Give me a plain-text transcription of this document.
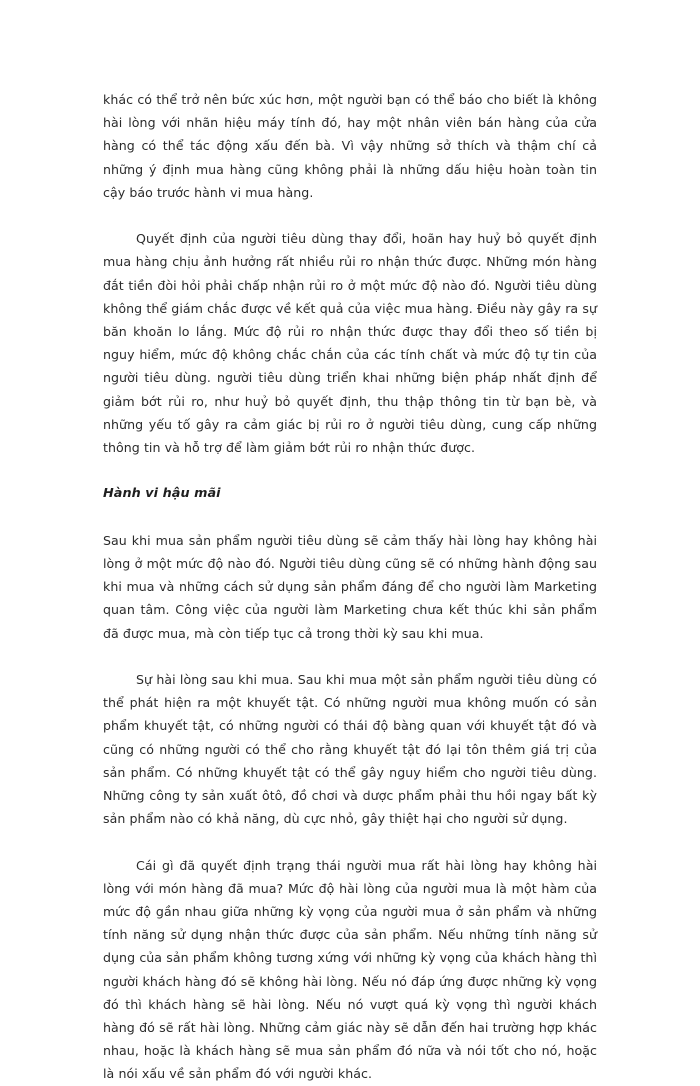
khác có thể trở nên bức xúc hơn, một người bạn có thể báo cho biết là không hài lòng với nhãn hiệu máy tính đó, hay một nhân viên bán hàng của cửa hàng có thể tác động xấu đến bà. Vì vậy những sở thích và thậm chí cả những ý định mua hàng cũng không phải là những dấu hiệu hoàn toàn tin cậy báo trước hành vi mua hàng.

Quyết định của người tiêu dùng thay đổi, hoãn hay huỷ bỏ quyết định mua hàng chịu ảnh hưởng rất nhiều rủi ro nhận thức được. Những món hàng đắt tiền đòi hỏi phải chấp nhận rủi ro ở một mức độ nào đó. Người tiêu dùng không thể giám chắc được về kết quả của việc mua hàng. Điều này gây ra sự băn khoăn lo lắng. Mức độ rủi ro nhận thức được thay đổi theo số tiền bị nguy hiểm, mức độ không chắc chắn của các tính chất và mức độ tự tin của người tiêu dùng. người tiêu dùng triển khai những biện pháp nhất định để giảm bớt rủi ro, như huỷ bỏ quyết định, thu thập thông tin từ bạn bè, và những yếu tố gây ra cảm giác bị rủi ro ở người tiêu dùng, cung cấp những thông tin và hỗ trợ để làm giảm bớt rủi ro nhận thức được.

Hành vi hậu mãi

Sau khi mua sản phẩm người tiêu dùng sẽ cảm thấy hài lòng hay không hài lòng ở một mức độ nào đó. Người tiêu dùng cũng sẽ có những hành động sau khi mua và những cách sử dụng sản phẩm đáng để cho người làm Marketing quan tâm. Công việc của người làm Marketing chưa kết thúc khi sản phẩm đã được mua, mà còn tiếp tục cả trong thời kỳ sau khi mua.

Sự hài lòng sau khi mua. Sau khi mua một sản phẩm người tiêu dùng có thể phát hiện ra một khuyết tật. Có những người mua không muốn có sản phẩm khuyết tật, có những người có thái độ bàng quan với khuyết tật đó và cũng có những người có thể cho rằng khuyết tật đó lại tôn thêm giá trị của sản phẩm. Có những khuyết tật có thể gây nguy hiểm cho người tiêu dùng. Những công ty sản xuất ôtô, đồ chơi và dược phẩm phải thu hồi ngay bất kỳ sản phẩm nào có khả năng, dù cực nhỏ, gây thiệt hại cho người sử dụng.

Cái gì đã quyết định trạng thái người mua rất hài lòng hay không hài lòng với món hàng đã mua? Mức độ hài lòng của người mua là một hàm của mức độ gần nhau giữa những kỳ vọng của người mua ở sản phẩm và những tính năng sử dụng nhận thức được của sản phẩm. Nếu những tính năng sử dụng của sản phẩm không tương xứng với những kỳ vọng của khách hàng thì người khách hàng đó sẽ không hài lòng. Nếu nó đáp ứng được những kỳ vọng đó thì khách hàng sẽ hài lòng. Nếu nó vượt quá kỳ vọng thì người khách hàng đó sẽ rất hài lòng. Những cảm giác này sẽ dẫn đến hai trường hợp khác nhau, hoặc là khách hàng sẽ mua sản phẩm đó nữa và nói tốt cho nó, hoặc là nói xấu về sản phẩm đó với người khác.
